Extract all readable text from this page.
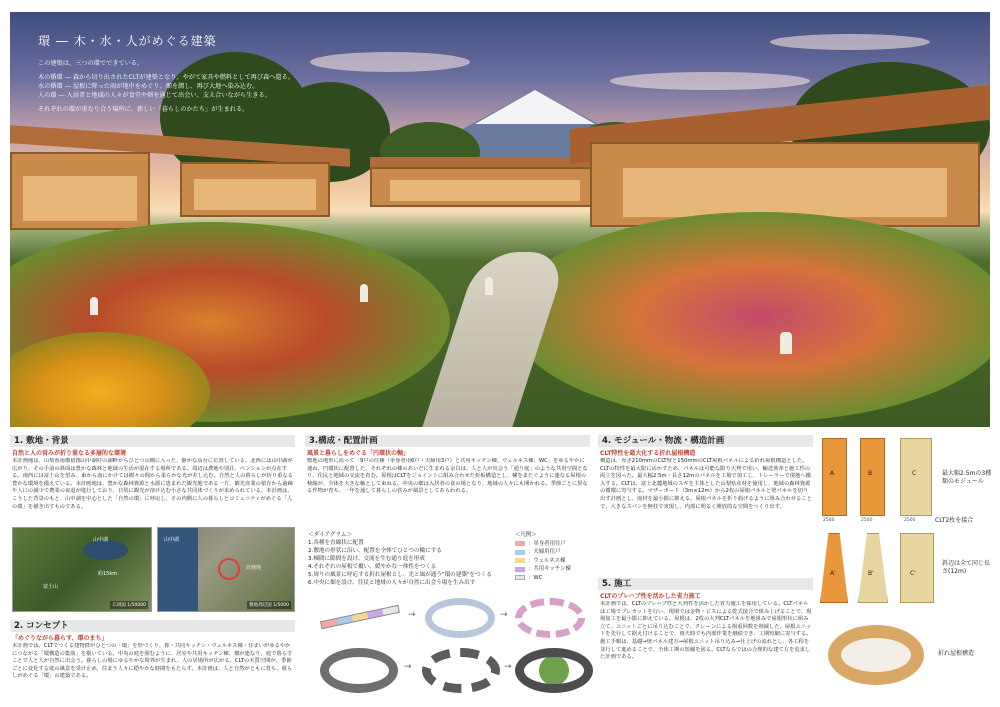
環 ― 木・水・人がめぐる建築
この建築は、三つの環でできている。
木の循環 ― 森から切り出されたCLTが建築となり、やがて家具や燃料として再び森へ還る。
水の循環 ― 屋根に降った雨が地中をめぐり、畑を潤し、再び大地へ染み込む。
人の環 ― 入居者と地域の人々が食堂や畑を通じて出会い、支え合いながら生きる。
それぞれの環が重なり合う場所に、新しい「暮らしのかたち」が生まれる。
1. 敷地・背景
自然と人の営みが折り重なる多層的な環境
本計画地は、山梨県南都留郡山中湖村の湖畔からひとつ山側に入った、静かな高台に位置している。北西には山中湖が広がり、その手前の斜面は豊かな森林と地域の生活が混在する場所である。周辺は農地や別荘、ペンションが点在する。南西には富士山を望み、東から南にかけては樹々の間から柔らかな光が差し込む。自然と人の暮らしが折り重なる豊かな環境を備えている。本計画地は、豊かな森林資源と水源に恵まれた観光地である一方、観光産業の依存から過疎や人口の減少で農業の衰退が進行しており、日常に観光が溶け込む小さな共同体づくりが求められている。本計画は、こうした背景のもと、山中湖を中心とした「自然の環」に呼応し、その内側に人の暮らしとコミュニティがめぐる「人の環」を描き出すものである。
山中湖
富士山
約15km
広域図 1/50000
山中湖
計画地
敷地周辺図 1/5000
2. コンセプト
「めぐりながら暮らす、環のまち」
本計画では、CLTでつくる建物群がひとつの「環」を形づくり、暮・共同キッチン・ウェルネス棟・住まいがゆるやかにつながる「環構造の集落」を描いている。中央の庭を囲むように、居室や共用キッチン棟、畑が連なり、庭で暮らすことで人と人が自然に出会う。暮らしの場にゆるやかな境界が生まれ、人の居場所が広がる。CLTの木質空間が、季節ごとに変化する庭の風景を受け止め、住まう人々に穏やかな時間をもたらす。本計画は、人と自然がともに育ち、暮らしがめぐる「環」の建築である。
3.構成・配置計画
風景と暮らしをめぐる「円環状の軸」
敷地の地形に沿って「9戸の住棟（単身者用6戸・夫婦用3戸）と共用キッチン棟、ウェルネス棟、WC」をゆるやかに連ね、円環状に配置した。それぞれの棟のあいだに生まれる余白は、人と人が出会う「通り庭」のような共用空間となり、住民と地域の交流を育む。屋根はCLTをジョイントに組み合わせた折板構造とし、棟をまたぐように連なる屋根の稜線が、全体を大きな軸として束ねる。中央の畑は入居者の食の場となり、地域の人々にも開かれる。季節ごとに異なる作物が育ち、一年を通して暮らしの営みが風景としてあらわれる。
＜ダイアグラム＞
1.各種を直線状に配置
2.敷地の形状に沿い、配置を全体でひとつの輪にする
3.棟間に隙間を設け、交流を生む通り庭を形成
4.それぞれの屋根で覆い、緩やかな一体性をつくる
5.周りの風景に呼応する折れ屋根とし、光と風が通う"環の建築"をつくる
6.中央に畑を設け、住民と地域の人々が自然に出会う場を生み出す
＜凡例＞
：単身者用住戸
：夫婦用住戸
：ウェルネス棟
：共用キッチン棟
：WC
→	→
→	→
4. モジュール・物流・構造計画
CLT特性を最大化する折れ屋根構造
構造は、厚さ210mmのCLT壁と150mmのCLT屋根パネルによる折れ屋根構造とした。CLTの特性を最大限に活かすため、パネルは可能な限り大判で用い、輸送効率と施工性の両立を図った。最大幅2.5m・長さ12mのパネルを工場で加工し、トレーラーで現地へ搬入する。CLTは、富士北麓地域のスギを主体とした山梨県産材を使用し、地域の森林資源の循環に寄与する。マザーボード（3m×12m）から2枚の屋根パネルと壁パネルを切り出す計画とし、廃材を最小限に抑える。屋根パネルを折り曲げるように組み合わせることで、大きなスパンを無柱で実現し、内部に明るく開放的な空間をつくり出す。
5. 施工
CLTのプレハブ性を活かした省力施工
本計画では、CLTのプレハブ性と大判性を活かした省力施工を採用している。CLTパネルは工場でプレカットを行い、現場では金物・ビスによる乾式接合で組み上げることで、現場加工を最小限に抑えている。屋根は、2枚の大判CLTパネルを地組みで屋根形状に組み立て、ユニットごとに吊り込むことで、クレーンによる揚重回数を削減した。屋根ユニットを先行して据え付けることで、雨天時でも内部作業を継続でき、工期短縮に寄与する。施工手順は、基礎→壁パネル建方→屋根ユニット吊り込み→仕上げの流れとし、各工程を並行して進めることで、全体工期の短縮を図る。CLTならではの合理的な建て方を追求した計画である。
A	B	C
2500	2500	2500
最大幅2.5mの3種類のモジュール
CLT2枚を接合
A'	B'	C'
斜辺は全て同じ長さ(12m)
折れ屋根構造
